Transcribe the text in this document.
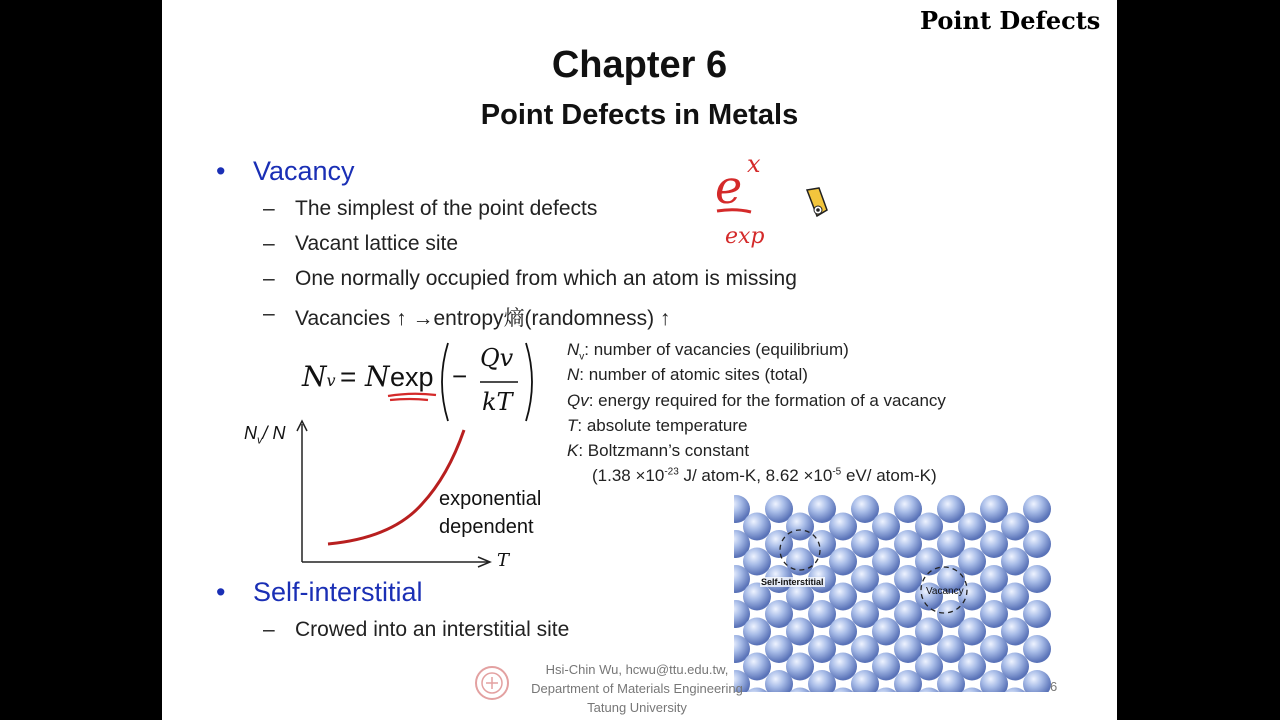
Chapter 6
Point Defects in Metals
• Vacancy
– The simplest of the point defects
– Vacant lattice site
– One normally occupied from which an atom is missing
– Vacancies ↑ →entropy熵(randomness) ↑
e x
exp
Nv = N exp −
Qv
kT
$N_v$: number of vacancies (equilibrium)
N: number of atomic sites (total)
Qv: energy required for the formation of a vacancy
T: absolute temperature
K: Boltzmann’s constant
($1.38 \times 10^{-23}$ J/ atom-K, $8.62 \times 10^{-5}$ eV/ atom-K)
$N_v/$ N
T
exponential
dependent
• Self-interstitial
– Crowed into an interstitial site
Self-interstitial
Vacancy
Hsi-Chin Wu, hcwu@ttu.edu.tw,
Department of Materials Engineering
Tatung University
6
Point Defects
